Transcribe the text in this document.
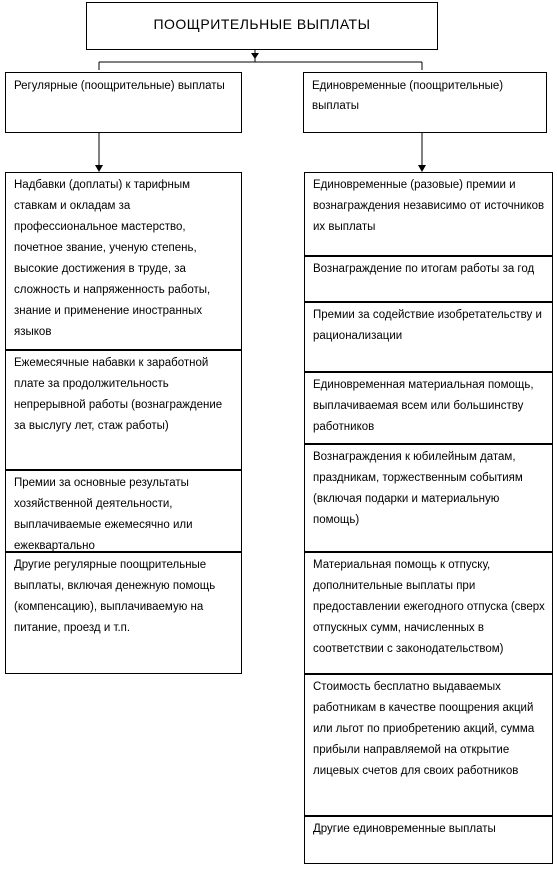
ПООЩРИТЕЛЬНЫЕ ВЫПЛАТЫ
Регулярные (поощрительные) выплаты	Единовременные (поощрительные) выплаты
Надбавки (доплаты) к тарифным ставкам и окладам за профессиональное мастерство, почетное звание, ученую степень, высокие достижения в труде, за сложность и напряженность работы, знание и применение иностранных языков
Ежемесячные набавки к заработной плате за продолжительность непрерывной работы (вознаграждение за выслугу лет, стаж работы)
Премии за основные результаты хозяйственной деятельности, выплачиваемые ежемесячно или ежеквартально
Другие регулярные поощрительные выплаты, включая денежную помощь (компенсацию), выплачиваемую на питание, проезд и т.п.
Единовременные (разовые) премии и вознаграждения независимо от источников их выплаты
Вознаграждение по итогам работы за год
Премии за содействие изобретательству и рационализации
Единовременная материальная помощь, выплачиваемая всем или большинству работников
Вознаграждения к юбилейным датам, праздникам, торжественным событиям (включая подарки и материальную помощь)
Материальная помощь к отпуску, дополнительные выплаты при предоставлении ежегодного отпуска (сверх отпускных сумм, начисленных в соответствии с законодательством)
Стоимость бесплатно выдаваемых работникам в качестве поощрения акций или льгот по приобретению акций, сумма прибыли направляемой на открытие лицевых счетов для своих работников
Другие единовременные выплаты
